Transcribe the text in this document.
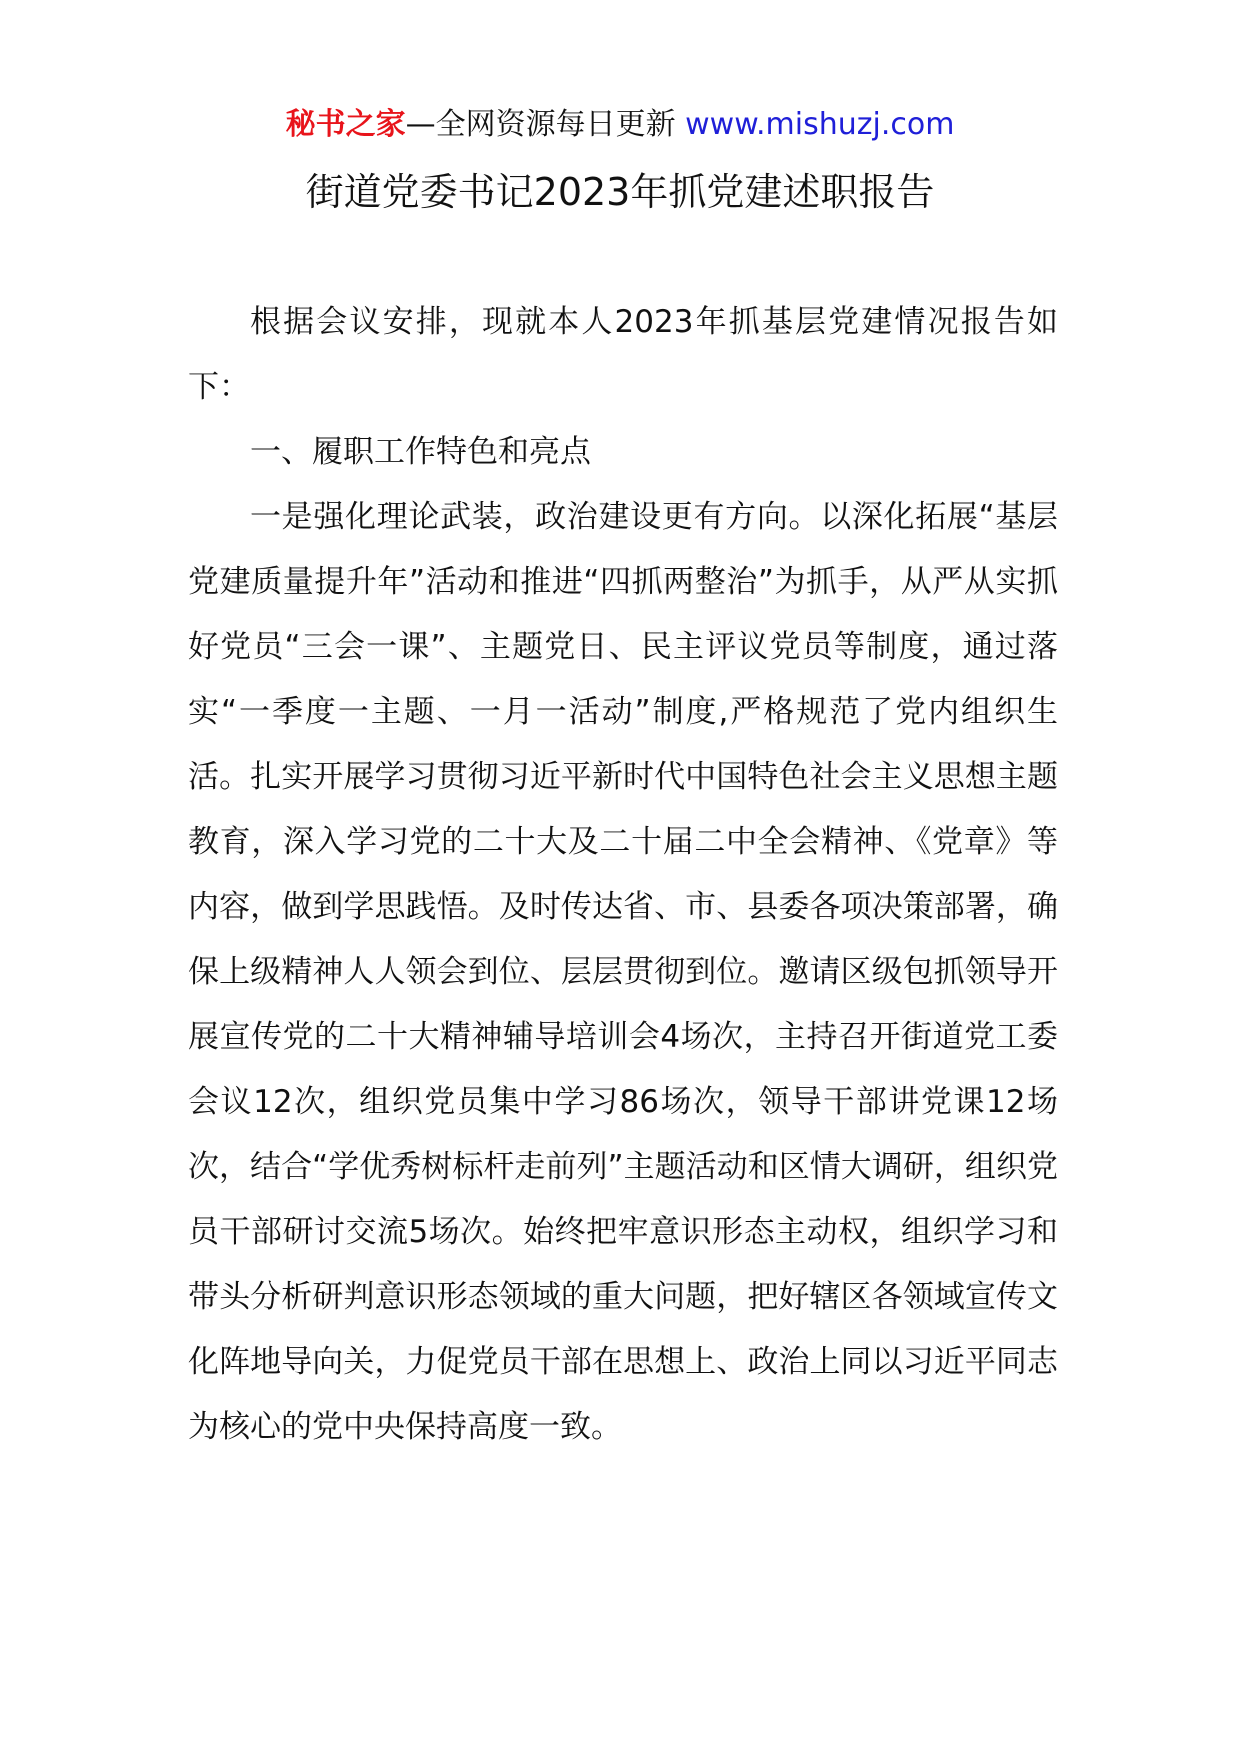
秘书之家—全网资源每日更新 www.mishuzj.com
街道党委书记2023年抓党建述职报告

根据会议安排，现就本人2023年抓基层党建情况报告如下：

一、履职工作特色和亮点

一是强化理论武装，政治建设更有方向。以深化拓展“基层党建质量提升年”活动和推进“四抓两整治”为抓手，从严从实抓好党员“三会一课”、主题党日、民主评议党员等制度，通过落实“一季度一主题、一月一活动”制度,严格规范了党内组织生活。扎实开展学习贯彻习近平新时代中国特色社会主义思想主题教育，深入学习党的二十大及二十届二中全会精神、《党章》等内容，做到学思践悟。及时传达省、市、县委各项决策部署，确保上级精神人人领会到位、层层贯彻到位。邀请区级包抓领导开展宣传党的二十大精神辅导培训会4场次，主持召开街道党工委会议12次，组织党员集中学习86场次，领导干部讲党课12场次，结合“学优秀树标杆走前列”主题活动和区情大调研，组织党员干部研讨交流5场次。始终把牢意识形态主动权，组织学习和带头分析研判意识形态领域的重大问题，把好辖区各领域宣传文化阵地导向关，力促党员干部在思想上、政治上同以习近平同志为核心的党中央保持高度一致。
